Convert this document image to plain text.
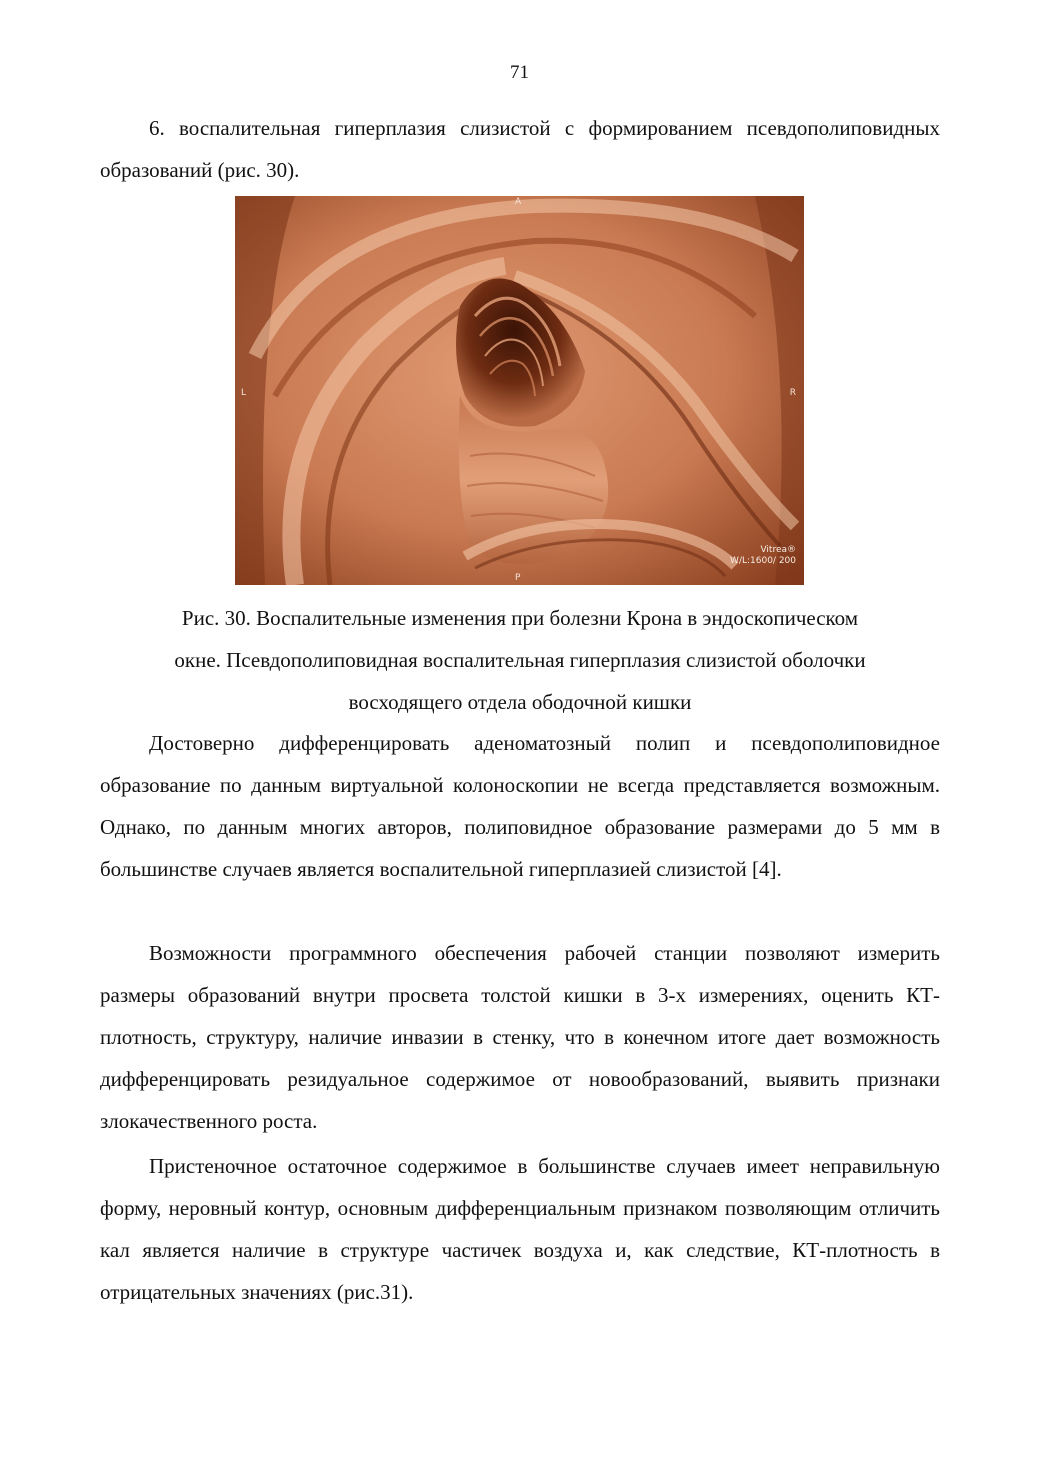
71
6. воспалительная гиперплазия слизистой с формированием псевдополиповидных образований (рис. 30).
A
L	R
P
Vitrea®
W/L:1600/ 200
Рис. 30. Воспалительные изменения при болезни Крона в эндоскопическом
окне. Псевдополиповидная воспалительная гиперплазия слизистой оболочки
восходящего отдела ободочной кишки
Достоверно дифференцировать аденоматозный полип и псевдополиповидное образование по данным виртуальной колоноскопии не всегда представляется возможным. Однако, по данным многих авторов, полиповидное образование размерами до 5 мм в большинстве случаев является воспалительной гиперплазией слизистой [4].
Возможности программного обеспечения рабочей станции позволяют измерить размеры образований внутри просвета толстой кишки в 3-х измерениях, оценить КТ-плотность, структуру, наличие инвазии в стенку, что в конечном итоге дает возможность дифференцировать резидуальное содержимое от новообразований, выявить признаки злокачественного роста.
Пристеночное остаточное содержимое в большинстве случаев имеет неправильную форму, неровный контур, основным дифференциальным признаком позволяющим отличить кал является наличие в структуре частичек воздуха и, как следствие, КТ-плотность в отрицательных значениях (рис.31).
